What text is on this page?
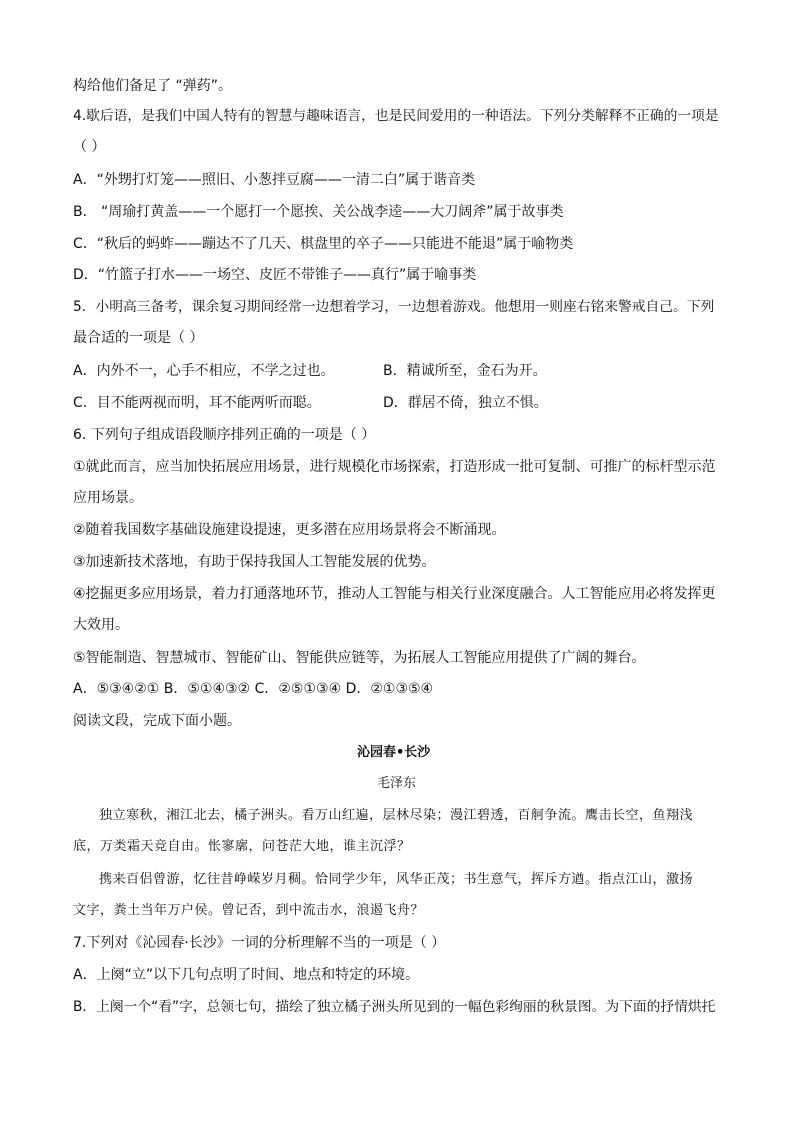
构给他们备足了 “弹药”。
4.歇后语，是我们中国人特有的智慧与趣味语言，也是民间爱用的一种语法。下列分类解释不正确的一项是
（ ）
A．“外甥打灯笼——照旧、小葱拌豆腐——一清二白”属于谐音类
B． “周瑜打黄盖——一个愿打一个愿挨、关公战李逵——大刀阔斧”属于故事类
C．“秋后的蚂蚱——蹦达不了几天、棋盘里的卒子——只能进不能退”属于喻物类
D．“竹篮子打水——一场空、皮匠不带锥子——真行”属于喻事类
5．小明高三备考，课余复习期间经常一边想着学习，一边想着游戏。他想用一则座右铭来警戒自己。下列
最合适的一项是（ ）
A．内外不一，心手不相应，不学之过也。	B．精诚所至，金石为开。
C．目不能两视而明，耳不能两听而聪。	D．群居不倚，独立不惧。
6. 下列句子组成语段顺序排列正确的一项是（ ）
①就此而言，应当加快拓展应用场景，进行规模化市场探索，打造形成一批可复制、可推广的标杆型示范
应用场景。
②随着我国数字基础设施建设提速，更多潜在应用场景将会不断涌现。
③加速新技术落地，有助于保持我国人工智能发展的优势。
④挖掘更多应用场景，着力打通落地环节，推动人工智能与相关行业深度融合。人工智能应用必将发挥更
大效用。
⑤智能制造、智慧城市、智能矿山、智能供应链等，为拓展人工智能应用提供了广阔的舞台。
A．⑤③④②① B．⑤①④③② C．②⑤①③④ D．②①③⑤④
阅读文段，完成下面小题。
沁园春•长沙
毛泽东
独立寒秋，湘江北去，橘子洲头。看万山红遍，层林尽染；漫江碧透，百舸争流。鹰击长空，鱼翔浅
底，万类霜天竞自由。怅寥廓，问苍茫大地，谁主沉浮？
携来百侣曾游，忆往昔峥嵘岁月稠。恰同学少年，风华正茂；书生意气，挥斥方遒。指点江山，激扬
文字，粪土当年万户侯。曾记否，到中流击水，浪遏飞舟？
7.下列对《沁园春·长沙》一词的分析理解不当的一项是（ ）
A．上阕“立”以下几句点明了时间、地点和特定的环境。
B．上阕一个“看”字，总领七句，描绘了独立橘子洲头所见到的一幅色彩绚丽的秋景图。为下面的抒情烘托
